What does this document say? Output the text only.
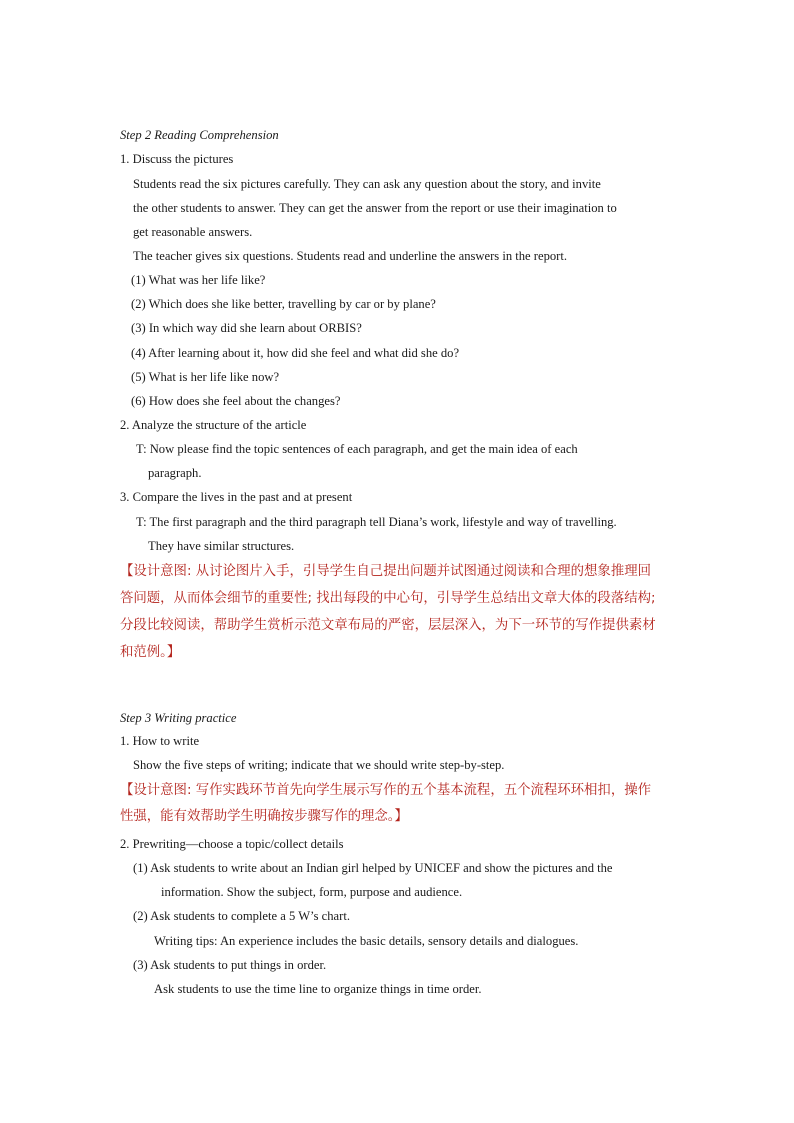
Step 2 Reading Comprehension
1. Discuss the pictures
Students read the six pictures carefully. They can ask any question about the story, and invite
the other students to answer. They can get the answer from the report or use their imagination to
get reasonable answers.
The teacher gives six questions. Students read and underline the answers in the report.
(1) What was her life like?
(2) Which does she like better, travelling by car or by plane?
(3) In which way did she learn about ORBIS?
(4) After learning about it, how did she feel and what did she do?
(5) What is her life like now?
(6) How does she feel about the changes?
2. Analyze the structure of the article
T: Now please find the topic sentences of each paragraph, and get the main idea of each
paragraph.
3. Compare the lives in the past and at present
T: The first paragraph and the third paragraph tell Diana’s work, lifestyle and way of travelling.
They have similar structures.
【设计意图: 从讨论图片入手，引导学生自己提出问题并试图通过阅读和合理的想象推理回
答问题，从而体会细节的重要性; 找出每段的中心句，引导学生总结出文章大体的段落结构;
分段比较阅读，帮助学生赏析示范文章布局的严密，层层深入，为下一环节的写作提供素材
和范例。】
Step 3 Writing practice
1. How to write
Show the five steps of writing; indicate that we should write step-by-step.
【设计意图: 写作实践环节首先向学生展示写作的五个基本流程，五个流程环环相扣，操作
性强，能有效帮助学生明确按步骤写作的理念。】
2. Prewriting—choose a topic/collect details
(1) Ask students to write about an Indian girl helped by UNICEF and show the pictures and the
information. Show the subject, form, purpose and audience.
(2) Ask students to complete a 5 W’s chart.
Writing tips: An experience includes the basic details, sensory details and dialogues.
(3) Ask students to put things in order.
Ask students to use the time line to organize things in time order.
